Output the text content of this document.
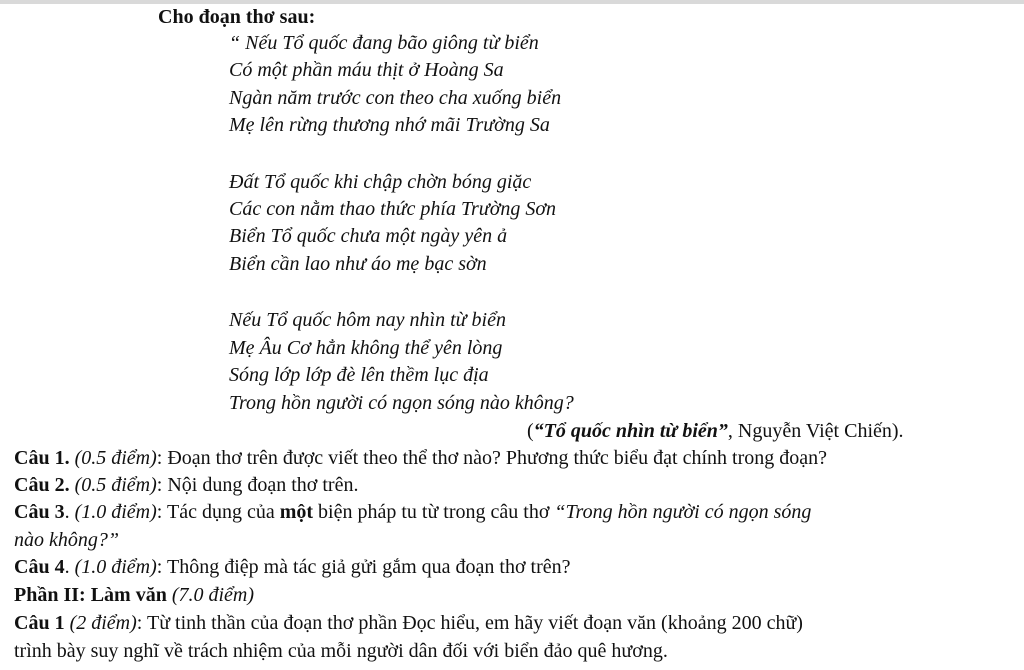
Cho đoạn thơ sau:
“ Nếu Tổ quốc đang bão giông từ biển
Có một phần máu thịt ở Hoàng Sa
Ngàn năm trước con theo cha xuống biển
Mẹ lên rừng thương nhớ mãi Trường Sa
Đất Tổ quốc khi chập chờn bóng giặc
Các con nằm thao thức phía Trường Sơn
Biển Tổ quốc chưa một ngày yên ả
Biển cần lao như áo mẹ bạc sờn
Nếu Tổ quốc hôm nay nhìn từ biển
Mẹ Âu Cơ hẳn không thể yên lòng
Sóng lớp lớp đè lên thềm lục địa
Trong hồn người có ngọn sóng nào không?
(“Tổ quốc nhìn từ biển”, Nguyễn Việt Chiến).
Câu 1. (0.5 điểm): Đoạn thơ trên được viết theo thể thơ nào? Phương thức biểu đạt chính trong đoạn?
Câu 2. (0.5 điểm): Nội dung đoạn thơ trên.
Câu 3. (1.0 điểm): Tác dụng của một biện pháp tu từ trong câu thơ “Trong hồn người có ngọn sóng
nào không?”
Câu 4. (1.0 điểm): Thông điệp mà tác giả gửi gắm qua đoạn thơ trên?
Phần II: Làm văn (7.0 điểm)
Câu 1 (2 điểm): Từ tinh thần của đoạn thơ phần Đọc hiểu, em hãy viết đoạn văn (khoảng 200 chữ)
trình bày suy nghĩ về trách nhiệm của mỗi người dân đối với biển đảo quê hương.
